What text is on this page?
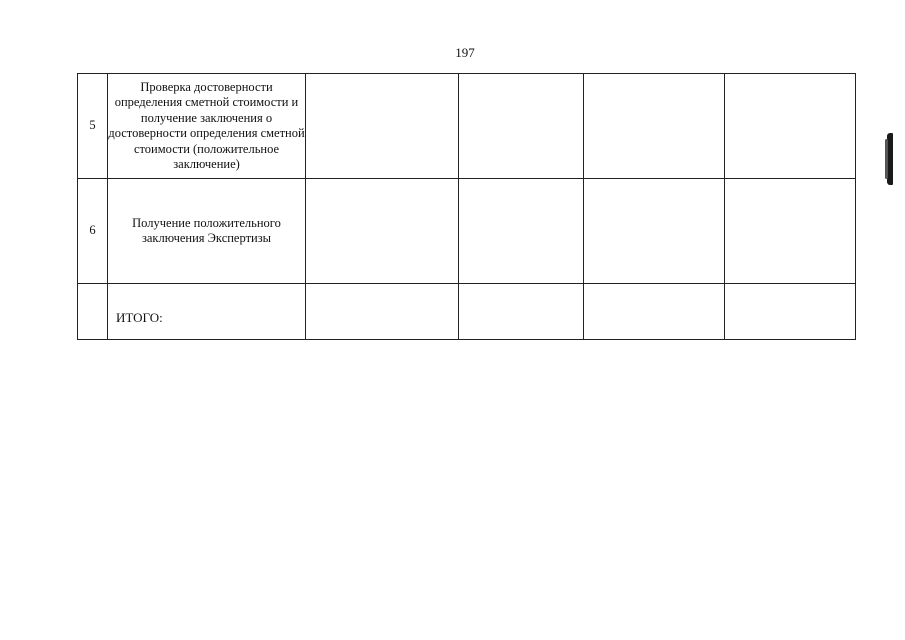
197
5	Проверка достоверности определения сметной стоимости и получение заключения о достоверности определения сметной стоимости (положительное заключение)				
6	Получение положительного заключения Экспертизы				
	ИТОГО:				
